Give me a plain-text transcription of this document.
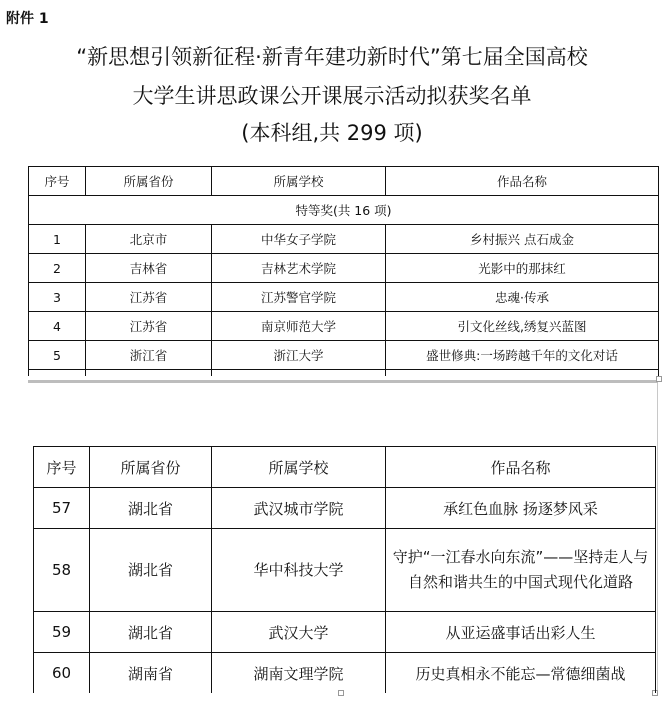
附件 1
“新思想引领新征程·新青年建功新时代”第七届全国高校
大学生讲思政课公开课展示活动拟获奖名单
(本科组,共 299 项)
序号	所属省份	所属学校	作品名称
特等奖(共 16 项)			
1	北京市	中华女子学院	乡村振兴 点石成金
2	吉林省	吉林艺术学院	光影中的那抹红
3	江苏省	江苏警官学院	忠魂·传承
4	江苏省	南京师范大学	引文化丝线,绣复兴蓝图
5	浙江省	浙江大学	盛世修典:一场跨越千年的文化对话

序号	所属省份	所属学校	作品名称
57	湖北省	武汉城市学院	承红色血脉 扬逐梦风采
58	湖北省	华中科技大学	守护“一江春水向东流”——坚持走人与自然和谐共生的中国式现代化道路

59	湖北省	武汉大学	从亚运盛事话出彩人生
60	湖南省	湖南文理学院	历史真相永不能忘—常德细菌战
